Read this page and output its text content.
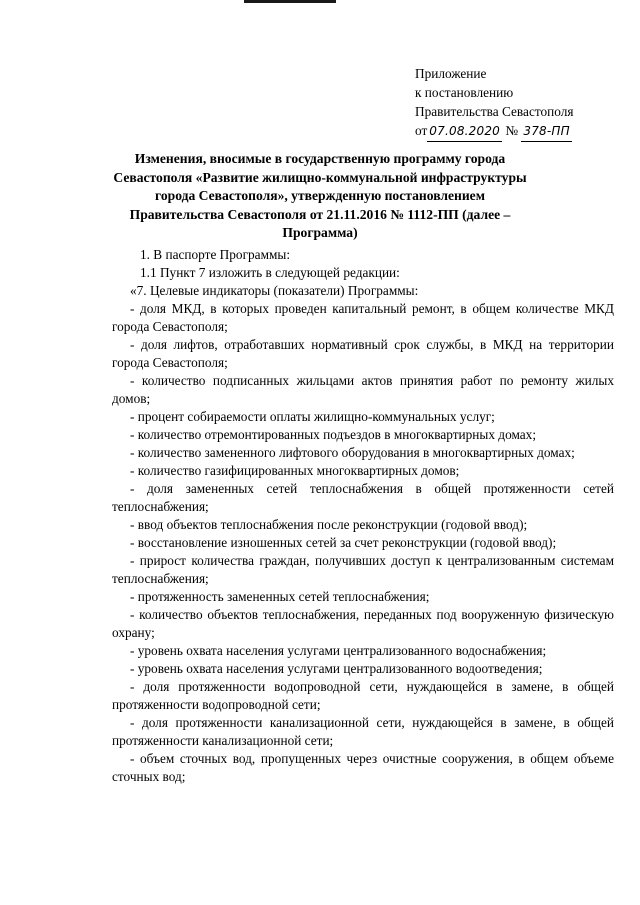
Приложение
к постановлению
Правительства Севастополя
от 07.08.2020 № 378-ПП
Изменения, вносимые в государственную программу города Севастополя «Развитие жилищно-коммунальной инфраструктуры города Севастополя», утвержденную постановлением Правительства Севастополя от 21.11.2016 № 1112-ПП (далее – Программа)

1. В паспорте Программы:

1.1 Пункт 7 изложить в следующей редакции:

«7. Целевые индикаторы (показатели) Программы:

- доля МКД, в которых проведен капитальный ремонт, в общем количестве МКД города Севастополя;

- доля лифтов, отработавших нормативный срок службы, в МКД на территории города Севастополя;

- количество подписанных жильцами актов принятия работ по ремонту жилых домов;

- процент собираемости оплаты жилищно-коммунальных услуг;

- количество отремонтированных подъездов в многоквартирных домах;

- количество замененного лифтового оборудования в многоквартирных домах;

- количество газифицированных многоквартирных домов;

- доля замененных сетей теплоснабжения в общей протяженности сетей теплоснабжения;

- ввод объектов теплоснабжения после реконструкции (годовой ввод);

- восстановление изношенных сетей за счет реконструкции (годовой ввод);

- прирост количества граждан, получивших доступ к централизованным системам теплоснабжения;

- протяженность замененных сетей теплоснабжения;

- количество объектов теплоснабжения, переданных под вооруженную физическую охрану;

- уровень охвата населения услугами централизованного водоснабжения;

- уровень охвата населения услугами централизованного водоотведения;

- доля протяженности водопроводной сети, нуждающейся в замене, в общей протяженности водопроводной сети;

- доля протяженности канализационной сети, нуждающейся в замене, в общей протяженности канализационной сети;

- объем сточных вод, пропущенных через очистные сооружения, в общем объеме сточных вод;
